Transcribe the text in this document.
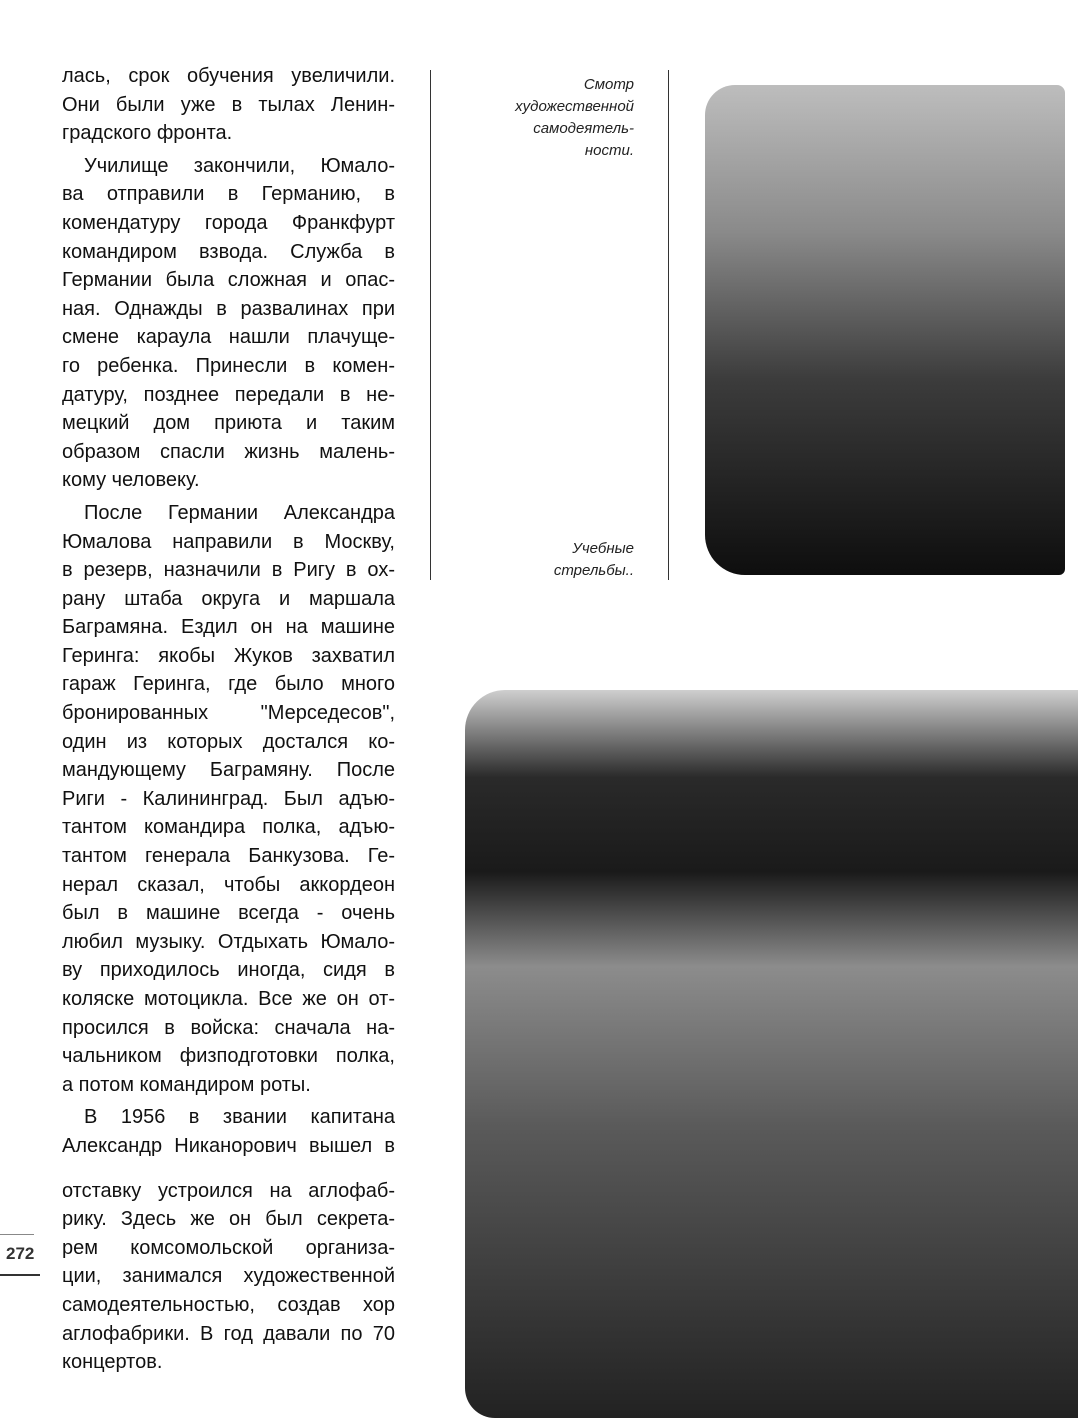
лась, срок обучения увеличили.
Они были уже в тылах Ленин-
градского фронта.
Училище закончили, Юмало-
ва отправили в Германию, в
комендатуру города Франкфурт
командиром взвода. Служба в
Германии была сложная и опас-
ная. Однажды в развалинах при
смене караула нашли плачуще-
го ребенка. Принесли в комен-
датуру, позднее передали в не-
мецкий дом приюта и таким
образом спасли жизнь малень-
кому человеку.
После Германии Александра
Юмалова направили в Москву,
в резерв, назначили в Ригу в ох-
рану штаба округа и маршала
Баграмяна. Ездил он на машине
Геринга: якобы Жуков захватил
гараж Геринга, где было много
бронированных "Мерседесов",
один из которых достался ко-
мандующему Баграмяну. После
Риги - Калининград. Был адъю-
тантом командира полка, адъю-
тантом генерала Банкузова. Ге-
нерал сказал, чтобы аккордеон
был в машине всегда - очень
любил музыку. Отдыхать Юмало-
ву приходилось иногда, сидя в
коляске мотоцикла. Все же он от-
просился в войска: сначала на-
чальником физподготовки полка,
а потом командиром роты.
В 1956 в звании капитана
Александр Никанорович вышел в
отставку устроился на аглофаб-
рику. Здесь же он был секрета-
рем комсомольской организа-
ции, занимался художественной
самодеятельностью, создав хор
аглофабрики. В год давали по 70
концертов.
Смотр
художественной
самодеятель-
ности.
Учебные
стрельбы..
272
